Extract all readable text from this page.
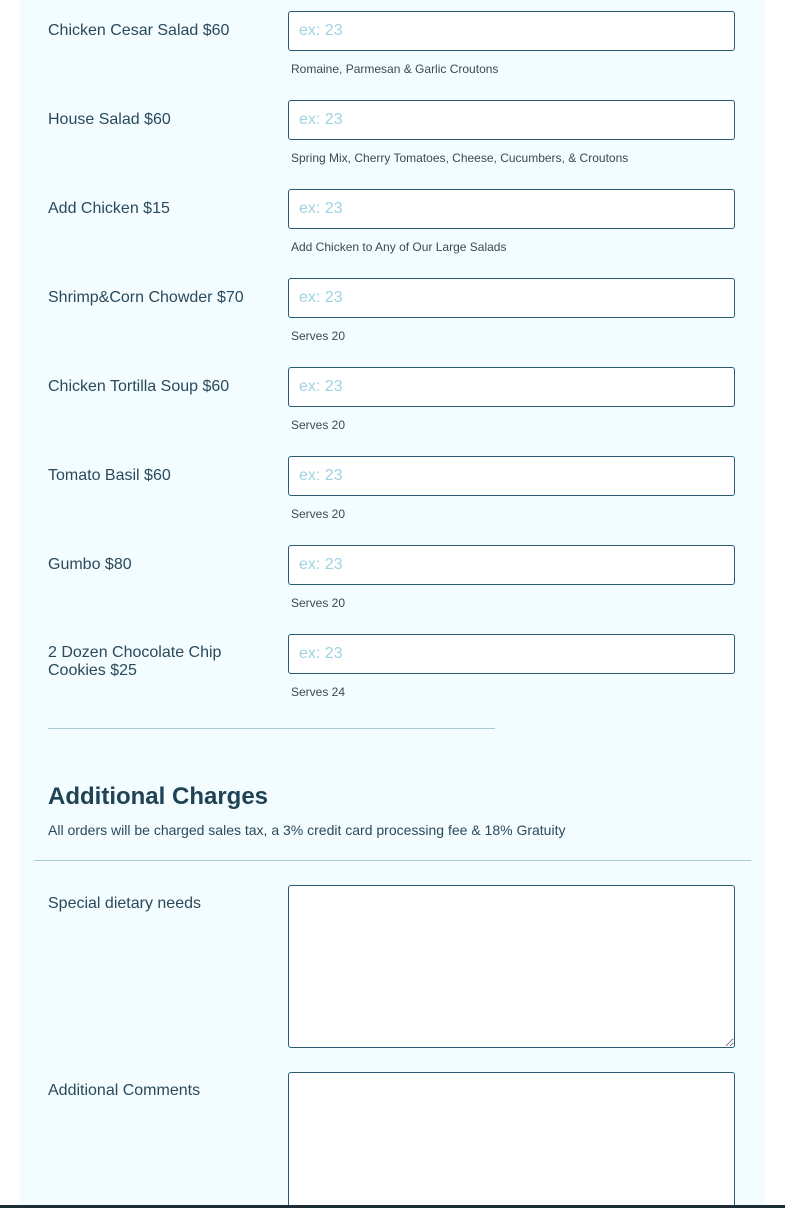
Chicken Cesar Salad $60
ex: 23
Romaine, Parmesan & Garlic Croutons
House Salad $60
ex: 23
Spring Mix, Cherry Tomatoes, Cheese, Cucumbers, & Croutons
Add Chicken $15
ex: 23
Add Chicken to Any of Our Large Salads
Shrimp&Corn Chowder $70
ex: 23
Serves 20
Chicken Tortilla Soup $60
ex: 23
Serves 20
Tomato Basil $60
ex: 23
Serves 20
Gumbo $80
ex: 23
Serves 20
2 Dozen Chocolate Chip Cookies $25
ex: 23
Serves 24
Additional Charges
All orders will be charged sales tax, a 3% credit card processing fee & 18% Gratuity
Special dietary needs
Additional Comments
